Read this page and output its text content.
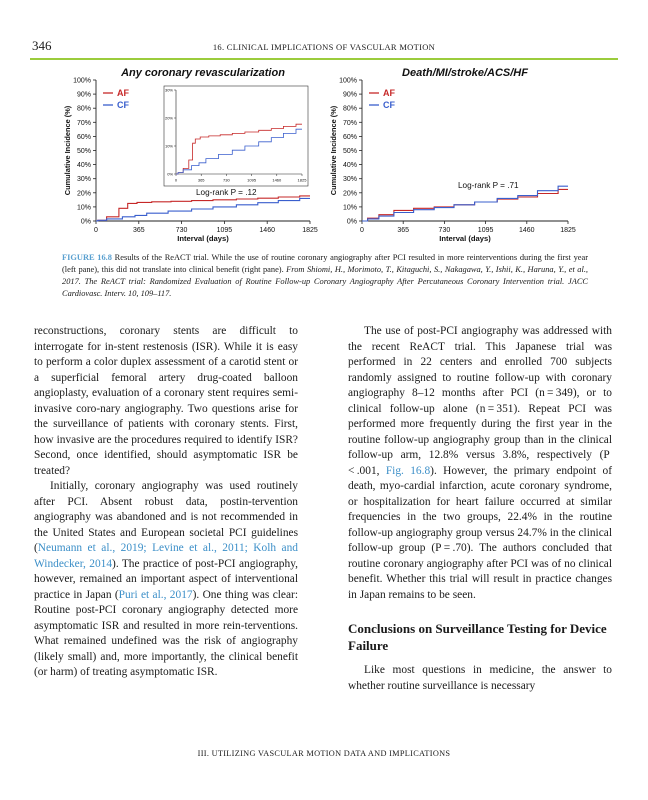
346	16. CLINICAL IMPLICATIONS OF VASCULAR MOTION
Any coronary revascularization
0%
10%
20%
30%
40%
50%
60%
70%
80%
90%
100%
0	365	730	1095	1460	1825
Interval (days)
Cumulative Incidence (%)
AF
CF
Death/MI/stroke/ACS/HF
0%
10%
20%
30%
40%
50%
60%
70%
80%
90%
100%
0	365	730	1095	1460	1825
Interval (days)
Cumulative Incidence (%)
AF
CF
Log-rank P = .12
Log-rank P = .71
0%
10%
20%
30%
0	365	730	1095	1460	1825
FIGURE 16.8 Results of the ReACT trial. While the use of routine coronary angiography after PCI resulted in more reinterventions during the first year (left pane), this did not translate into clinical benefit (right pane). From Shiomi, H., Morimoto, T., Kitaguchi, S., Nakagawa, Y., Ishii, K., Haruna, Y., et al., 2017. The ReACT trial: Randomized Evaluation of Routine Follow-up Coronary Angiography After Percutaneous Coronary Intervention trial. JACC Cardiovasc. Interv. 10, 109–117.

reconstructions, coronary stents are difficult to interrogate for in-stent restenosis (ISR). While it is easy to perform a color duplex assessment of a carotid stent or a superficial femoral artery drug-coated balloon angioplasty, evaluation of a coronary stent requires semi-invasive coro-nary angiography. Two questions arise for the surveillance of patients with coronary stents. First, how invasive are the procedures required to identify ISR? Second, once identified, should asymptomatic ISR be treated?

Initially, coronary angiography was used routinely after PCI. Absent robust data, postin-tervention angiography was abandoned and is not recommended in the United States and European societal PCI guidelines (Neumann et al., 2019; Levine et al., 2011; Kolh and Windecker, 2014). The practice of post-PCI angiography, however, remained an important aspect of interventional practice in Japan (Puri et al., 2017). One thing was clear: Routine post-PCI coronary angiography detected more asymptomatic ISR and resulted in more rein-terventions. What remained undefined was the risk of angiography (likely small) and, more importantly, the clinical benefit (or harm) of treating asymptomatic ISR.

The use of post-PCI angiography was addressed with the recent ReACT trial. This Japanese trial was performed in 22 centers and enrolled 700 subjects randomly assigned to routine follow-up with coronary angiography 8–12 months after PCI (n = 349), or to clinical follow-up alone (n = 351). Repeat PCI was performed more frequently during the first year in the routine follow-up angiography group than in the clinical follow-up arm, 12.8% versus 3.8%, respectively (P < .001, Fig. 16.8). However, the primary endpoint of death, myo-cardial infarction, acute coronary syndrome, or hospitalization for heart failure occurred at similar frequencies in the two groups, 22.4% in the routine follow-up angiography group versus 24.7% in the clinical follow-up group (P = .70). The authors concluded that routine coronary angiography after PCI was of no clinical benefit. Whether this trial will result in practice changes in Japan remains to be seen.

Conclusions on Surveillance Testing for Device Failure

Like most questions in medicine, the answer to whether routine surveillance is necessary

III. UTILIZING VASCULAR MOTION DATA AND IMPLICATIONS
